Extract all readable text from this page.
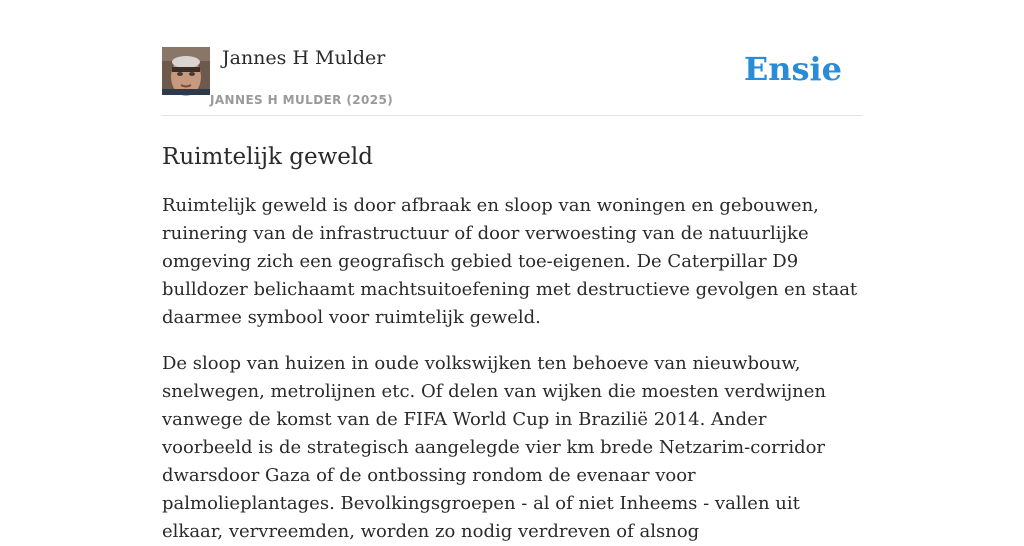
Jannes H Mulder
JANNES H MULDER (2025)
Ensie
Ruimtelijk geweld

Ruimtelijk geweld is door afbraak en sloop van woningen en gebouwen, ruinering van de infrastructuur of door verwoesting van de natuurlijke omgeving zich een geografisch gebied toe-eigenen. De Caterpillar D9 bulldozer belichaamt machtsuitoefening met destructieve gevolgen en staat daarmee symbool voor ruimtelijk geweld.

De sloop van huizen in oude volkswijken ten behoeve van nieuwbouw, snelwegen, metrolijnen etc. Of delen van wijken die moesten verdwijnen vanwege de komst van de FIFA World Cup in Brazilië 2014. Ander voorbeeld is de strategisch aangelegde vier km brede Netzarim-corridor dwarsdoor Gaza of de ontbossing rondom de evenaar voor palmolieplantages. Bevolkingsgroepen - al of niet Inheems - vallen uit elkaar, vervreemden, worden zo nodig verdreven of alsnog
